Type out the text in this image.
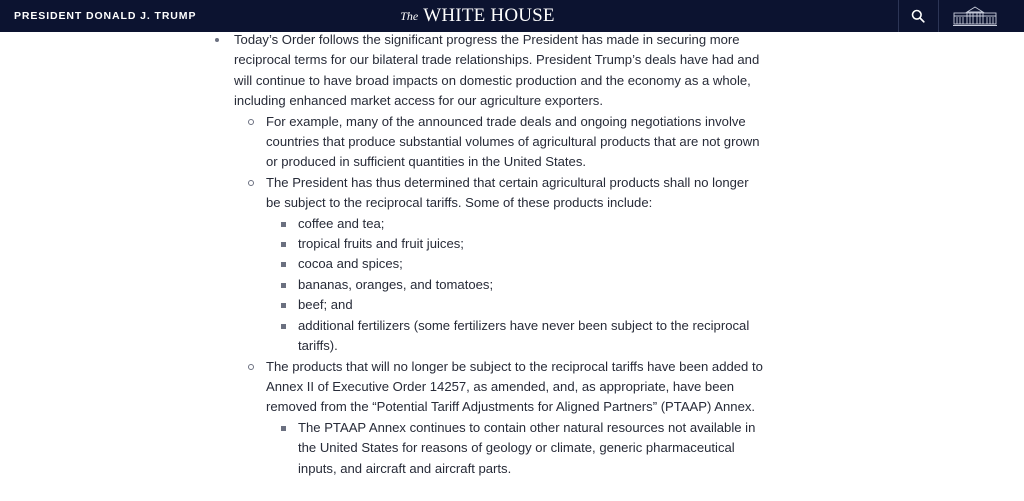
PRESIDENT DONALD J. TRUMP	The WHITE HOUSE
Today’s Order follows the significant progress the President has made in securing more reciprocal terms for our bilateral trade relationships. President Trump’s deals have had and will continue to have broad impacts on domestic production and the economy as a whole, including enhanced market access for our agriculture exporters.
For example, many of the announced trade deals and ongoing negotiations involve countries that produce substantial volumes of agricultural products that are not grown or produced in sufficient quantities in the United States.
The President has thus determined that certain agricultural products shall no longer be subject to the reciprocal tariffs. Some of these products include:
coffee and tea;
tropical fruits and fruit juices;
cocoa and spices;
bananas, oranges, and tomatoes;
beef; and
additional fertilizers (some fertilizers have never been subject to the reciprocal tariffs).
The products that will no longer be subject to the reciprocal tariffs have been added to Annex II of Executive Order 14257, as amended, and, as appropriate, have been removed from the “Potential Tariff Adjustments for Aligned Partners” (PTAAP) Annex.
The PTAAP Annex continues to contain other natural resources not available in the United States for reasons of geology or climate, generic pharmaceutical inputs, and aircraft and aircraft parts.
